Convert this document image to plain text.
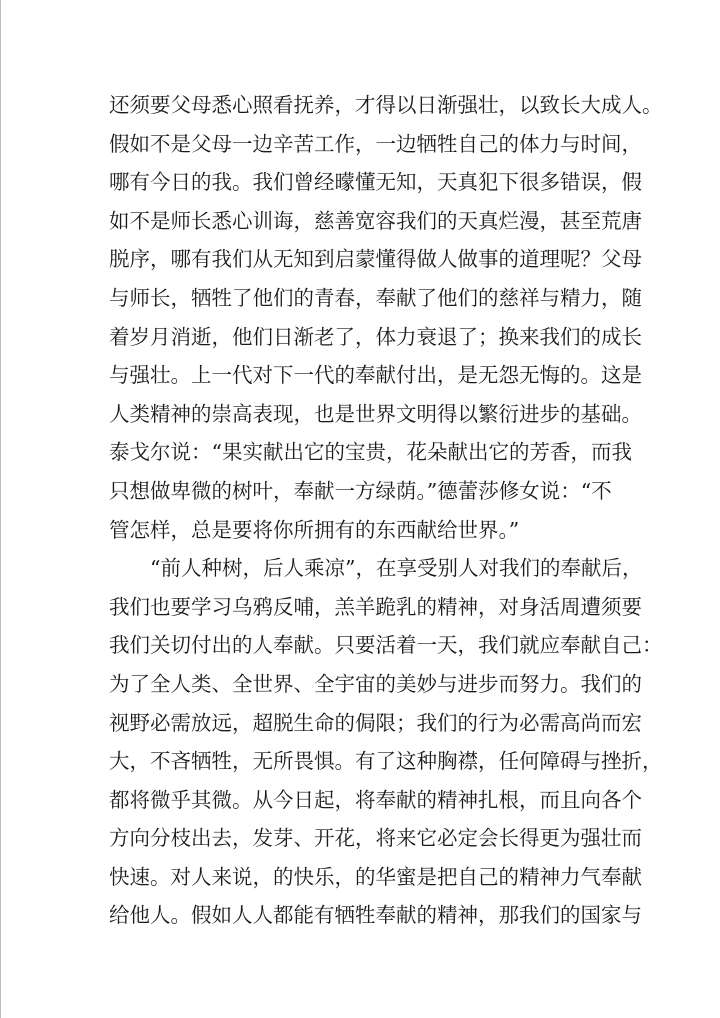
还须要父母悉心照看抚养，才得以日渐强壮，以致长大成人。
假如不是父母一边辛苦工作，一边牺牲自己的体力与时间，
哪有今日的我。我们曾经曚懂无知，天真犯下很多错误，假
如不是师长悉心训诲，慈善宽容我们的天真烂漫，甚至荒唐
脱序，哪有我们从无知到启蒙懂得做人做事的道理呢？父母
与师长，牺牲了他们的青春，奉献了他们的慈祥与精力，随
着岁月消逝，他们日渐老了，体力衰退了；换来我们的成长
与强壮。上一代对下一代的奉献付出，是无怨无悔的。这是
人类精神的崇高表现，也是世界文明得以繁衍进步的基础。
泰戈尔说：“果实献出它的宝贵，花朵献出它的芳香，而我
只想做卑微的树叶，奉献一方绿荫。”德蕾莎修女说：“不
管怎样，总是要将你所拥有的东西献给世界。”
“前人种树，后人乘凉”，在享受别人对我们的奉献后，
我们也要学习乌鸦反哺，羔羊跪乳的精神，对身活周遭须要
我们关切付出的人奉献。只要活着一天，我们就应奉献自己：
为了全人类、全世界、全宇宙的美妙与进步而努力。我们的
视野必需放远，超脱生命的侷限；我们的行为必需高尚而宏
大，不吝牺牲，无所畏惧。有了这种胸襟，任何障碍与挫折，
都将微乎其微。从今日起，将奉献的精神扎根，而且向各个
方向分枝出去，发芽、开花，将来它必定会长得更为强壮而
快速。对人来说，的快乐，的华蜜是把自己的精神力气奉献
给他人。假如人人都能有牺牲奉献的精神，那我们的国家与
